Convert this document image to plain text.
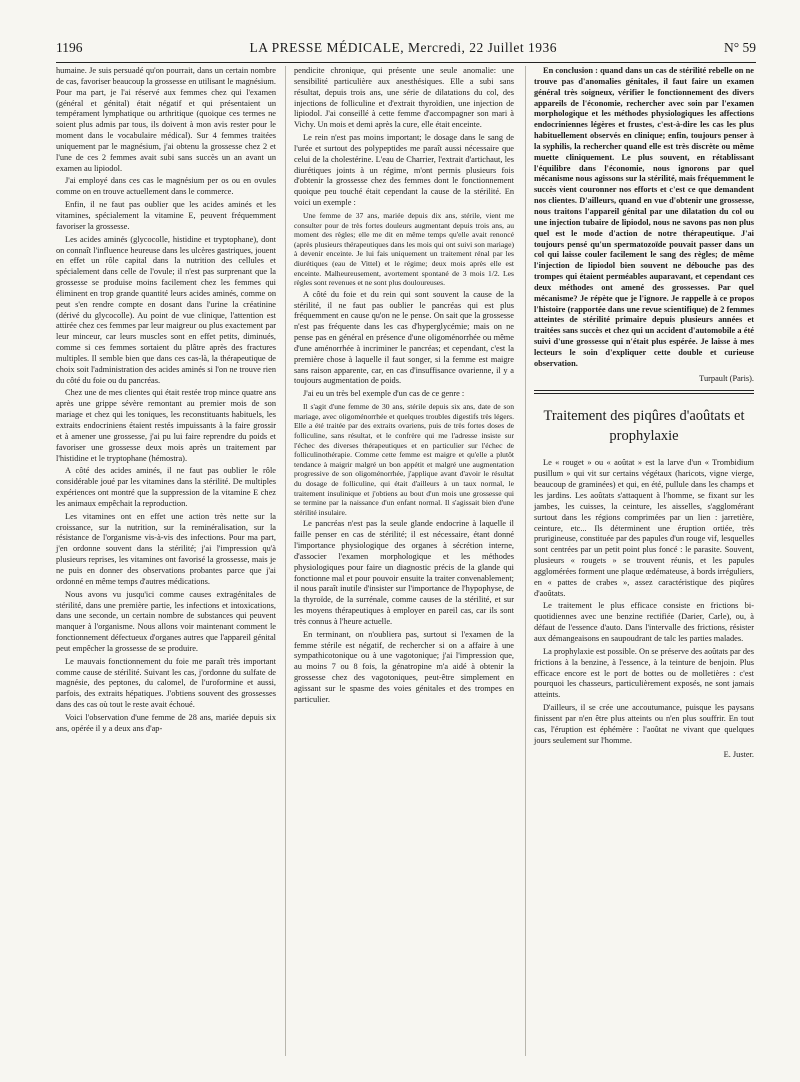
1196	LA PRESSE MÉDICALE, Mercredi, 22 Juillet 1936	N° 59

humaine. Je suis persuadé qu'on pourrait, dans un certain nombre de cas, favoriser beaucoup la grossesse en utilisant le magnésium. Pour ma part, je l'ai réservé aux femmes chez qui l'examen (général et génital) était négatif et qui présentaient un tempérament lymphatique ou arthritique (quoique ces termes ne soient plus admis par tous, ils doivent à mon avis rester pour le moment dans le vocabulaire médical). Sur 4 femmes traitées uniquement par le magnésium, j'ai obtenu la grossesse chez 2 et l'une de ces 2 femmes avait subi sans succès un an avant un examen au lipiodol.

J'ai employé dans ces cas le magnésium per os ou en ovules comme on en trouve actuellement dans le commerce.

Enfin, il ne faut pas oublier que les acides aminés et les vitamines, spécialement la vitamine E, peuvent fréquemment favoriser la grossesse.

Les acides aminés (glycocolle, histidine et tryptophane), dont on connaît l'influence heureuse dans les ulcères gastriques, jouent en effet un rôle capital dans la nutrition des cellules et spécialement dans celle de l'ovule; il n'est pas surprenant que la grossesse se produise moins facilement chez les femmes qui éliminent en trop grande quantité leurs acides aminés, comme on peut s'en rendre compte en dosant dans l'urine la créatinine (dérivé du glycocolle). Au point de vue clinique, l'attention est attirée chez ces femmes par leur maigreur ou plus exactement par leur minceur, car leurs muscles sont en effet petits, diminués, comme si ces femmes sortaient du plâtre après des fractures multiples. Il semble bien que dans ces cas-là, la thérapeutique de choix soit l'administration des acides aminés si l'on ne trouve rien du côté du foie ou du pancréas.

Chez une de mes clientes qui était restée trop mince quatre ans après une grippe sévère remontant au premier mois de son mariage et chez qui les toniques, les reconstituants habituels, les extraits endocriniens étaient restés impuissants à la faire grossir et à amener une grossesse, j'ai pu lui faire reprendre du poids et favoriser une grossesse deux mois après un traitement par l'histidine et le tryptophane (hémostra).

A côté des acides aminés, il ne faut pas oublier le rôle considérable joué par les vitamines dans la stérilité. De multiples expériences ont montré que la suppression de la vitamine E chez les animaux empêchait la reproduction.

Les vitamines ont en effet une action très nette sur la croissance, sur la nutrition, sur la reminéralisation, sur la résistance de l'organisme vis-à-vis des infections. Pour ma part, j'en ordonne souvent dans la stérilité; j'ai l'impression qu'à plusieurs reprises, les vitamines ont favorisé la grossesse, mais je ne puis en donner des observations probantes parce que j'ai ordonné en même temps d'autres médications.

Nous avons vu jusqu'ici comme causes extragénitales de stérilité, dans une première partie, les infections et intoxications, dans une seconde, un certain nombre de substances qui peuvent manquer à l'organisme. Nous allons voir maintenant comment le fonctionnement défectueux d'organes autres que l'appareil génital peut empêcher la grossesse de se produire.

Le mauvais fonctionnement du foie me paraît très important comme cause de stérilité. Suivant les cas, j'ordonne du sulfate de magnésie, des peptones, du calomel, de l'uroformine et aussi, parfois, des extraits hépatiques. J'obtiens souvent des grossesses dans des cas où tout le reste avait échoué.

Voici l'observation d'une femme de 28 ans, mariée depuis six ans, opérée il y a deux ans d'ap-

pendicite chronique, qui présente une seule anomalie: une sensibilité particulière aux anesthésiques. Elle a subi sans résultat, depuis trois ans, une série de dilatations du col, des injections de folliculine et d'extrait thyroïdien, une injection de lipiodol. J'ai conseillé à cette femme d'accompagner son mari à Vichy. Un mois et demi après la cure, elle était enceinte.

Le rein n'est pas moins important; le dosage dans le sang de l'urée et surtout des polypeptides me paraît aussi nécessaire que celui de la cholestérine. L'eau de Charrier, l'extrait d'artichaut, les diurétiques joints à un régime, m'ont permis plusieurs fois d'obtenir la grossesse chez des femmes dont le fonctionnement quoique peu touché était cependant la cause de la stérilité. En voici un exemple :

Une femme de 37 ans, mariée depuis dix ans, stérile, vient me consulter pour de très fortes douleurs augmentant depuis trois ans, au moment des règles; elle me dit en même temps qu'elle avait renoncé (après plusieurs thérapeutiques dans les mois qui ont suivi son mariage) à devenir enceinte. Je lui fais uniquement un traitement rénal par les diurétiques (eau de Vittel) et le régime; deux mois après elle est enceinte. Malheureusement, avortement spontané de 3 mois 1/2. Les règles sont revenues et ne sont plus douloureuses.

A côté du foie et du rein qui sont souvent la cause de la stérilité, il ne faut pas oublier le pancréas qui est plus fréquemment en cause qu'on ne le pense. On sait que la grossesse n'est pas fréquente dans les cas d'hyperglycémie; mais on ne pense pas en général en présence d'une oligoménorrhée ou même d'une aménorrhée à incriminer le pancréas; et cependant, c'est la première chose à laquelle il faut songer, si la femme est maigre sans raison apparente, car, en cas d'insuffisance ovarienne, il y a toujours augmentation de poids.

J'ai eu un très bel exemple d'un cas de ce genre :

Il s'agit d'une femme de 30 ans, stérile depuis six ans, date de son mariage, avec oligoménorrhée et quelques troubles digestifs très légers. Elle a été traitée par des extraits ovariens, puis de très fortes doses de folliculine, sans résultat, et le confrère qui me l'adresse insiste sur l'échec des diverses thérapeutiques et en particulier sur l'échec de folliculinothérapie. Comme cette femme est maigre et qu'elle a plutôt tendance à maigrir malgré un bon appétit et malgré une augmentation progressive de son oligoménorrhée, j'applique avant d'avoir le résultat du dosage de folliculine, qui était d'ailleurs à un taux normal, le traitement insulinique et j'obtiens au bout d'un mois une grossesse qui se termine par la naissance d'un enfant normal. Il s'agissait bien d'une stérilité insulaire.

Le pancréas n'est pas la seule glande endocrine à laquelle il faille penser en cas de stérilité; il est nécessaire, étant donné l'importance physiologique des organes à sécrétion interne, d'associer l'examen morphologique et les méthodes physiologiques pour faire un diagnostic précis de la glande qui fonctionne mal et pour pouvoir ensuite la traiter convenablement; il nous paraît inutile d'insister sur l'importance de l'hypophyse, de la thyroïde, de la surrénale, comme causes de la stérilité, et sur les moyens thérapeutiques à employer en pareil cas, car ils sont très connus à l'heure actuelle.

En terminant, on n'oubliera pas, surtout si l'examen de la femme stérile est négatif, de rechercher si on a affaire à une sympathicotonique ou à une vagotonique; j'ai l'impression que, au moins 7 ou 8 fois, la génatropine m'a aidé à obtenir la grossesse chez des vagotoniques, peut-être simplement en agissant sur le spasme des voies génitales et des trompes en particulier.

En conclusion : quand dans un cas de stérilité rebelle on ne trouve pas d'anomalies génitales, il faut faire un examen général très soigneux, vérifier le fonctionnement des divers appareils de l'économie, rechercher avec soin par l'examen morphologique et les méthodes physiologiques les affections endocriniennes légères et frustes, c'est-à-dire les cas les plus habituellement observés en clinique; enfin, toujours penser à la syphilis, la rechercher quand elle est très discrète ou même muette cliniquement. Le plus souvent, en rétablissant l'équilibre dans l'économie, nous ignorons par quel mécanisme nous agissons sur la stérilité, mais fréquemment le succès vient couronner nos efforts et c'est ce que demandent nos clientes. D'ailleurs, quand en vue d'obtenir une grossesse, nous traitons l'appareil génital par une dilatation du col ou une injection tubaire de lipiodol, nous ne savons pas non plus quel est le mode d'action de notre thérapeutique. J'ai toujours pensé qu'un spermatozoïde pouvait passer dans un col qui laisse couler facilement le sang des règles; de même l'injection de lipiodol bien souvent ne débouche pas des trompes qui étaient perméables auparavant, et cependant ces deux méthodes ont amené des grossesses. Par quel mécanisme? Je répète que je l'ignore. Je rappelle à ce propos l'histoire (rapportée dans une revue scientifique) de 2 femmes atteintes de stérilité primaire depuis plusieurs années et traitées sans succès et chez qui un accident d'automobile a été suivi d'une grossesse qui n'était plus espérée. Je laisse à mes lecteurs le soin d'expliquer cette double et curieuse observation.

Turpault (Paris).
Traitement des piqûres d'aoûtats et prophylaxie

Le « rouget » ou « aoûtat » est la larve d'un « Trombidium pusillum » qui vit sur certains végétaux (haricots, vigne vierge, beaucoup de graminées) et qui, en été, pullule dans les champs et les jardins. Les aoûtats s'attaquent à l'homme, se fixant sur les jambes, les cuisses, la ceinture, les aisselles, s'agglomérant surtout dans les régions comprimées par un lien : jarretière, ceinture, etc... Ils déterminent une éruption ortiée, très prurigineuse, constituée par des papules d'un rouge vif, lesquelles sont centrées par un petit point plus foncé : le parasite. Souvent, plusieurs « rougets » se trouvent réunis, et les papules agglomérées forment une plaque œdémateuse, à bords irréguliers, en « pattes de crabes », assez caractéristique des piqûres d'aoûtats.

Le traitement le plus efficace consiste en frictions bi-quotidiennes avec une benzine rectifiée (Darier, Carle), ou, à défaut de l'essence d'auto. Dans l'intervalle des frictions, résister aux démangeaisons en saupoudrant de talc les parties malades.

La prophylaxie est possible. On se préserve des aoûtats par des frictions à la benzine, à l'essence, à la teinture de benjoin. Plus efficace encore est le port de bottes ou de molletières : c'est pourquoi les chasseurs, particulièrement exposés, ne sont jamais atteints.

D'ailleurs, il se crée une accoutumance, puisque les paysans finissent par n'en être plus atteints ou n'en plus souffrir. En tout cas, l'éruption est éphémère : l'aoûtat ne vivant que quelques jours seulement sur l'homme.

E. Juster.
